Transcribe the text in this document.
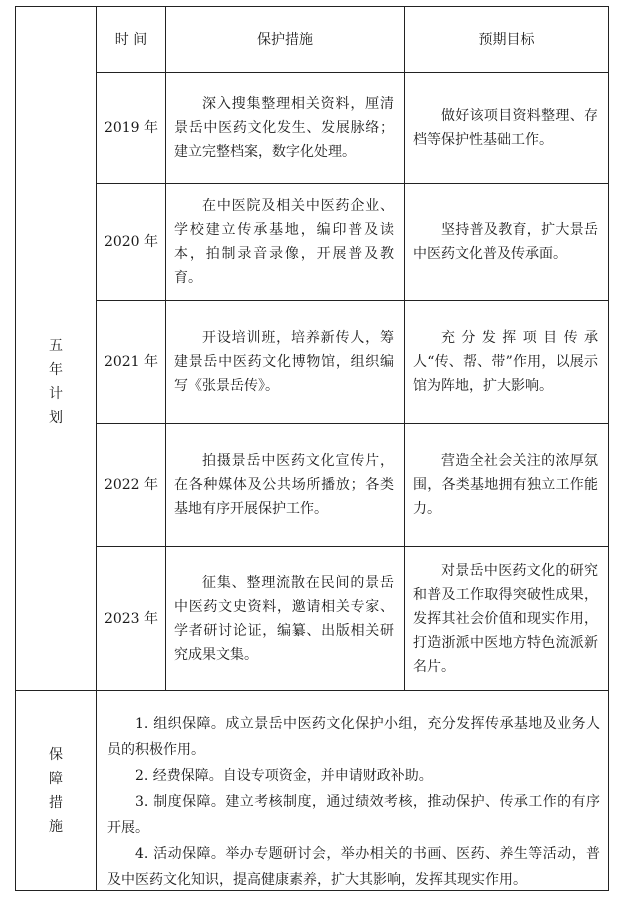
时 间	保护措施	预期目标
五
年
计
划
2019 年

深入搜集整理相关资料，厘清景岳中医药文化发生、发展脉络；建立完整档案，数字化处理。

做好该项目资料整理、存档等保护性基础工作。

2020 年

在中医院及相关中医药企业、学校建立传承基地，编印普及读本，拍制录音录像，开展普及教育。

坚持普及教育，扩大景岳中医药文化普及传承面。

2021 年

开设培训班，培养新传人，筹建景岳中医药文化博物馆，组织编写《张景岳传》。

充分发挥项目传承人“传、帮、带”作用，以展示馆为阵地，扩大影响。

2022 年

拍摄景岳中医药文化宣传片，在各种媒体及公共场所播放；各类基地有序开展保护工作。

营造全社会关注的浓厚氛围，各类基地拥有独立工作能力。

2023 年

征集、整理流散在民间的景岳中医药文史资料，邀请相关专家、学者研讨论证，编纂、出版相关研究成果文集。

对景岳中医药文化的研究和普及工作取得突破性成果，发挥其社会价值和现实作用，打造浙派中医地方特色流派新名片。

保
障
措
施

1. 组织保障。成立景岳中医药文化保护小组，充分发挥传承基地及业务人员的积极作用。

2. 经费保障。自设专项资金，并申请财政补助。

3. 制度保障。建立考核制度，通过绩效考核，推动保护、传承工作的有序开展。

4. 活动保障。举办专题研讨会，举办相关的书画、医药、养生等活动，普及中医药文化知识，提高健康素养，扩大其影响，发挥其现实作用。
